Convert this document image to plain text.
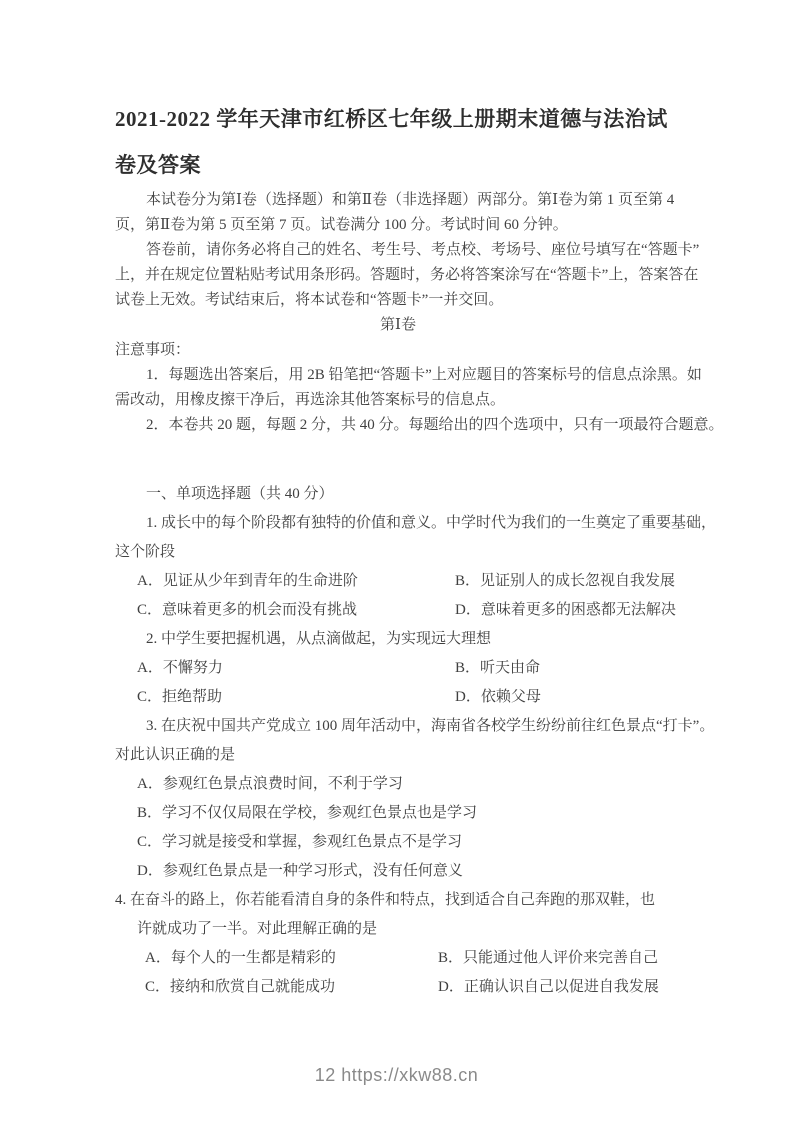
2021-2022 学年天津市红桥区七年级上册期末道德与法治试
卷及答案
本试卷分为第Ⅰ卷（选择题）和第Ⅱ卷（非选择题）两部分。第Ⅰ卷为第 1 页至第 4
页，第Ⅱ卷为第 5 页至第 7 页。试卷满分 100 分。考试时间 60 分钟。
答卷前，请你务必将自己的姓名、考生号、考点校、考场号、座位号填写在“答题卡”
上，并在规定位置粘贴考试用条形码。答题时，务必将答案涂写在“答题卡”上，答案答在
试卷上无效。考试结束后，将本试卷和“答题卡”一并交回。
第Ⅰ卷
注意事项：
1．每题选出答案后，用 2B 铅笔把“答题卡”上对应题目的答案标号的信息点涂黑。如
需改动，用橡皮擦干净后，再选涂其他答案标号的信息点。
2．本卷共 20 题，每题 2 分，共 40 分。每题给出的四个选项中，只有一项最符合题意。
一、单项选择题（共 40 分）
1. 成长中的每个阶段都有独特的价值和意义。中学时代为我们的一生奠定了重要基础，
这个阶段
A．见证从少年到青年的生命进阶	B．见证别人的成长忽视自我发展
C．意味着更多的机会而没有挑战	D．意味着更多的困惑都无法解决
2. 中学生要把握机遇，从点滴做起，为实现远大理想
A．不懈努力	B．听天由命
C．拒绝帮助	D．依赖父母
3. 在庆祝中国共产党成立 100 周年活动中，海南省各校学生纷纷前往红色景点“打卡”。
对此认识正确的是
A．参观红色景点浪费时间，不利于学习
B．学习不仅仅局限在学校，参观红色景点也是学习
C．学习就是接受和掌握，参观红色景点不是学习
D．参观红色景点是一种学习形式，没有任何意义
4. 在奋斗的路上，你若能看清自身的条件和特点，找到适合自己奔跑的那双鞋，也
许就成功了一半。对此理解正确的是
A．每个人的一生都是精彩的	B．只能通过他人评价来完善自己
C．接纳和欣赏自己就能成功	D．正确认识自己以促进自我发展
12 https://xkw88.cn
